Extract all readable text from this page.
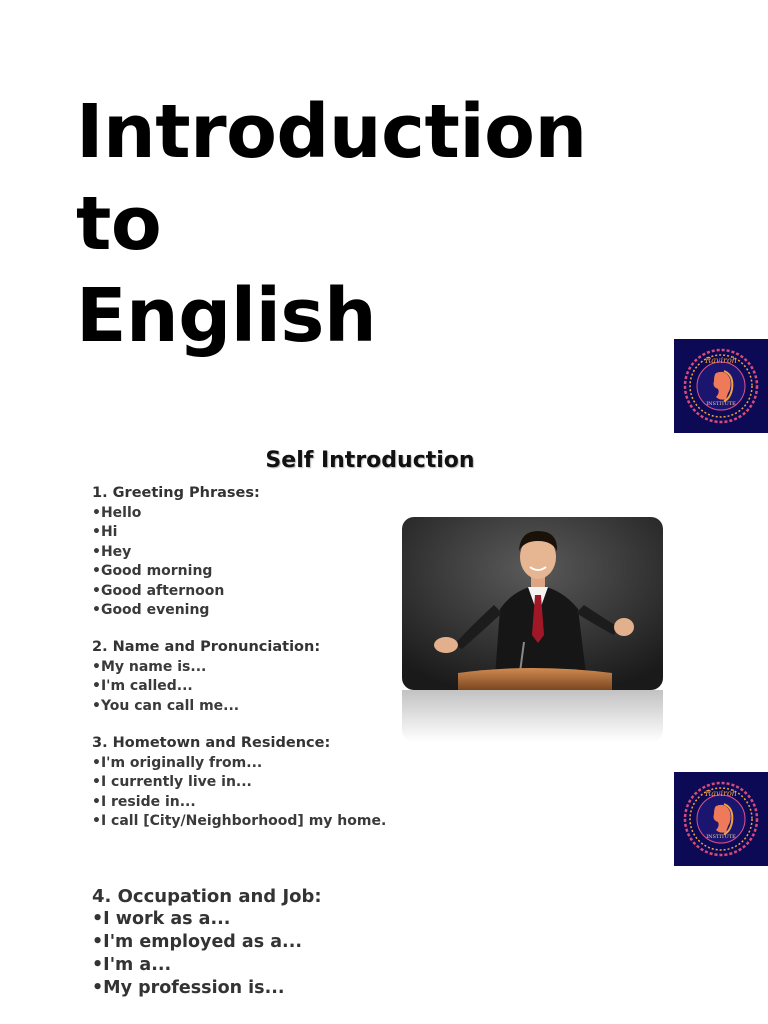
Introduction to
English
Raviroh
INSTITUTE
Self Introduction
1. Greeting Phrases:
•Hello
•Hi
•Hey
•Good morning
•Good afternoon
•Good evening
2. Name and Pronunciation:
•My name is...
•I'm called...
•You can call me...
3. Hometown and Residence:
•I'm originally from...
•I currently live in...
•I reside in...
•I call [City/Neighborhood] my home.
4. Occupation and Job:
•I work as a...
•I'm employed as a...
•I'm a...
•My profession is...
Raviroh
INSTITUTE
